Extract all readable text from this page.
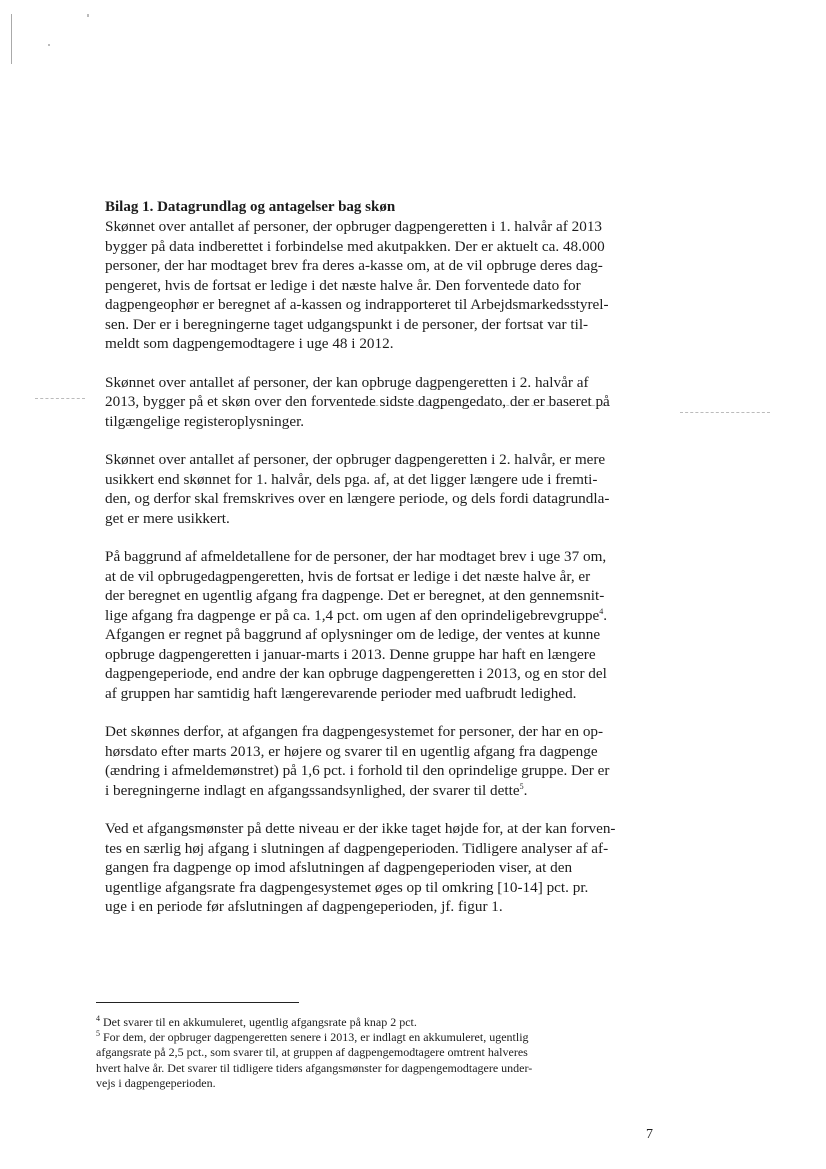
Bilag 1. Datagrundlag og antagelser bag skøn

Skønnet over antallet af personer, der opbruger dagpengeretten i 1. halvår af 2013
bygger på data indberettet i forbindelse med akutpakken. Der er aktuelt ca. 48.000
personer, der har modtaget brev fra deres a-kasse om, at de vil opbruge deres dag-
pengeret, hvis de fortsat er ledige i det næste halve år. Den forventede dato for
dagpengeophør er beregnet af a-kassen og indrapporteret til Arbejdsmarkedsstyrel-
sen. Der er i beregningerne taget udgangspunkt i de personer, der fortsat var til-
meldt som dagpengemodtagere i uge 48 i 2012.

Skønnet over antallet af personer, der kan opbruge dagpengeretten i 2. halvår af
2013, bygger på et skøn over den forventede sidste dagpengedato, der er baseret på
tilgængelige registeroplysninger.

Skønnet over antallet af personer, der opbruger dagpengeretten i 2. halvår, er mere
usikkert end skønnet for 1. halvår, dels pga. af, at det ligger længere ude i fremti-
den, og derfor skal fremskrives over en længere periode, og dels fordi datagrundla-
get er mere usikkert.

På baggrund af afmeldetallene for de personer, der har modtaget brev i uge 37 om,
at de vil opbrugedagpengeretten, hvis de fortsat er ledige i det næste halve år, er
der beregnet en ugentlig afgang fra dagpenge. Det er beregnet, at den gennemsnit-
lige afgang fra dagpenge er på ca. 1,4 pct. om ugen af den oprindeligebrevgruppe$^4$.
Afgangen er regnet på baggrund af oplysninger om de ledige, der ventes at kunne
opbruge dagpengeretten i januar-marts i 2013. Denne gruppe har haft en længere
dagpengeperiode, end andre der kan opbruge dagpengeretten i 2013, og en stor del
af gruppen har samtidig haft længerevarende perioder med uafbrudt ledighed.

Det skønnes derfor, at afgangen fra dagpengesystemet for personer, der har en op-
hørsdato efter marts 2013, er højere og svarer til en ugentlig afgang fra dagpenge
(ændring i afmeldemønstret) på 1,6 pct. i forhold til den oprindelige gruppe. Der er
i beregningerne indlagt en afgangssandsynlighed, der svarer til dette$^5$.

Ved et afgangsmønster på dette niveau er der ikke taget højde for, at der kan forven-
tes en særlig høj afgang i slutningen af dagpengeperioden. Tidligere analyser af af-
gangen fra dagpenge op imod afslutningen af dagpengeperioden viser, at den
ugentlige afgangsrate fra dagpengesystemet øges op til omkring [10-14] pct. pr.
uge i en periode før afslutningen af dagpengeperioden, jf. figur 1.

$^4$ Det svarer til en akkumuleret, ugentlig afgangsrate på knap 2 pct.
$^5$ For dem, der opbruger dagpengeretten senere i 2013, er indlagt en akkumuleret, ugentlig
afgangsrate på 2,5 pct., som svarer til, at gruppen af dagpengemodtagere omtrent halveres
hvert halve år. Det svarer til tidligere tiders afgangsmønster for dagpengemodtagere under-
vejs i dagpengeperioden.
7
